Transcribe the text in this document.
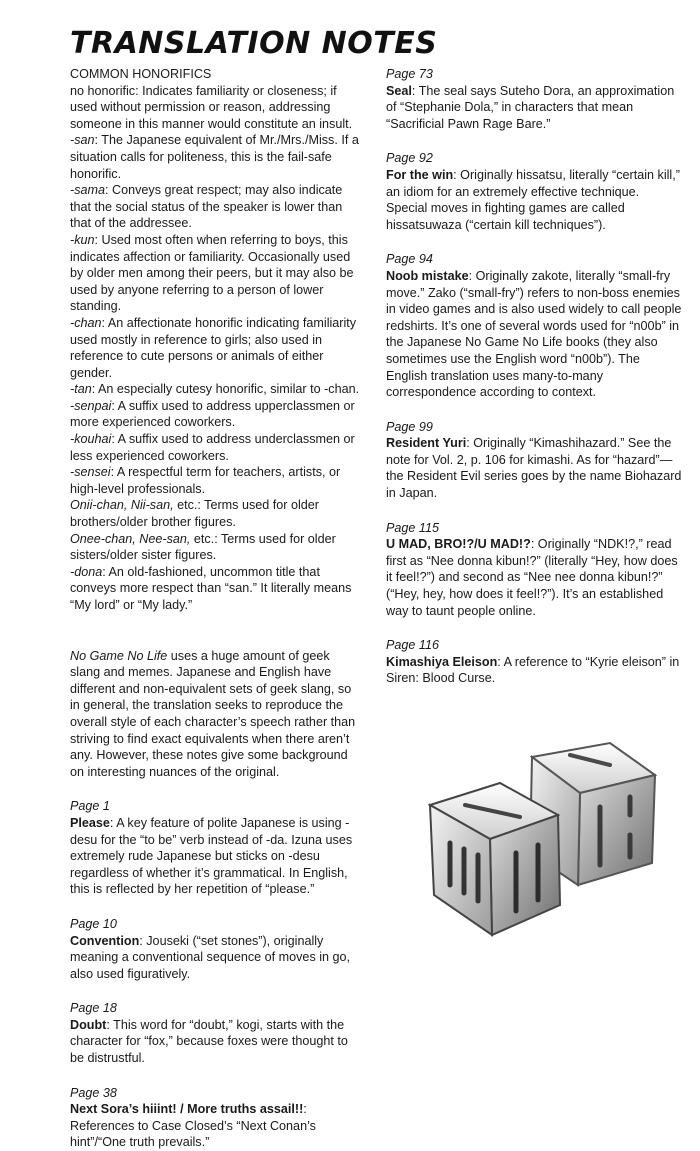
TRANSLATION NOTES

COMMON HONORIFICS

no honorific: Indicates familiarity or closeness; if used without permission or reason, addressing someone in this manner would constitute an insult.

-san: The Japanese equivalent of Mr./Mrs./Miss. If a situation calls for politeness, this is the fail-safe honorific.

-sama: Conveys great respect; may also indicate that the social status of the speaker is lower than that of the addressee.

-kun: Used most often when referring to boys, this indicates affection or familiarity. Occasionally used by older men among their peers, but it may also be used by anyone referring to a person of lower standing.

-chan: An affectionate honorific indicating familiarity used mostly in reference to girls; also used in reference to cute persons or animals of either gender.

-tan: An especially cutesy honorific, similar to -chan.

-senpai: A suffix used to address upperclassmen or more experienced coworkers.

-kouhai: A suffix used to address underclassmen or less experienced coworkers.

-sensei: A respectful term for teachers, artists, or high-level professionals.

Onii-chan, Nii-san, etc.: Terms used for older brothers/older brother figures.

Onee-chan, Nee-san, etc.: Terms used for older sisters/older sister figures.

-dona: An old-fashioned, uncommon title that conveys more respect than “san.” It literally means “My lord” or “My lady.”

No Game No Life uses a huge amount of geek slang and memes. Japanese and English have different and non-equivalent sets of geek slang, so in general, the translation seeks to reproduce the overall style of each character’s speech rather than striving to find exact equivalents when there aren’t any. However, these notes give some background on interesting nuances of the original.

Page 1

Please: A key feature of polite Japanese is using -desu for the “to be” verb instead of -da. Izuna uses extremely rude Japanese but sticks on -desu regardless of whether it’s grammatical. In English, this is reflected by her repetition of “please.”

Page 10

Convention: Jouseki (“set stones”), originally meaning a conventional sequence of moves in go, also used figuratively.

Page 18

Doubt: This word for “doubt,” kogi, starts with the character for “fox,” because foxes were thought to be distrustful.

Page 38

Next Sora’s hiiint! / More truths assail!!: References to Case Closed’s “Next Conan’s hint”/“One truth prevails.”

Page 73

Seal: The seal says Suteho Dora, an approximation of “Stephanie Dola,” in characters that mean “Sacrificial Pawn Rage Bare.”

Page 92

For the win: Originally hissatsu, literally “certain kill,” an idiom for an extremely effective technique. Special moves in fighting games are called hissatsuwaza (“certain kill techniques”).

Page 94

Noob mistake: Originally zakote, literally “small-fry move.” Zako (“small-fry”) refers to non-boss enemies in video games and is also used widely to call people redshirts. It’s one of several words used for “n00b” in the Japanese No Game No Life books (they also sometimes use the English word “n00b”). The English translation uses many-to-many correspondence according to context.

Page 99

Resident Yuri: Originally “Kimashihazard.” See the note for Vol. 2, p. 106 for kimashi. As for “hazard”—the Resident Evil series goes by the name Biohazard in Japan.

Page 115

U MAD, BRO!?/U MAD!?: Originally “NDK!?,” read first as “Nee donna kibun!?” (literally “Hey, how does it feel!?”) and second as “Nee nee donna kibun!?” (“Hey, hey, how does it feel!?”). It’s an established way to taunt people online.

Page 116

Kimashiya Eleison: A reference to “Kyrie eleison” in Siren: Blood Curse.
